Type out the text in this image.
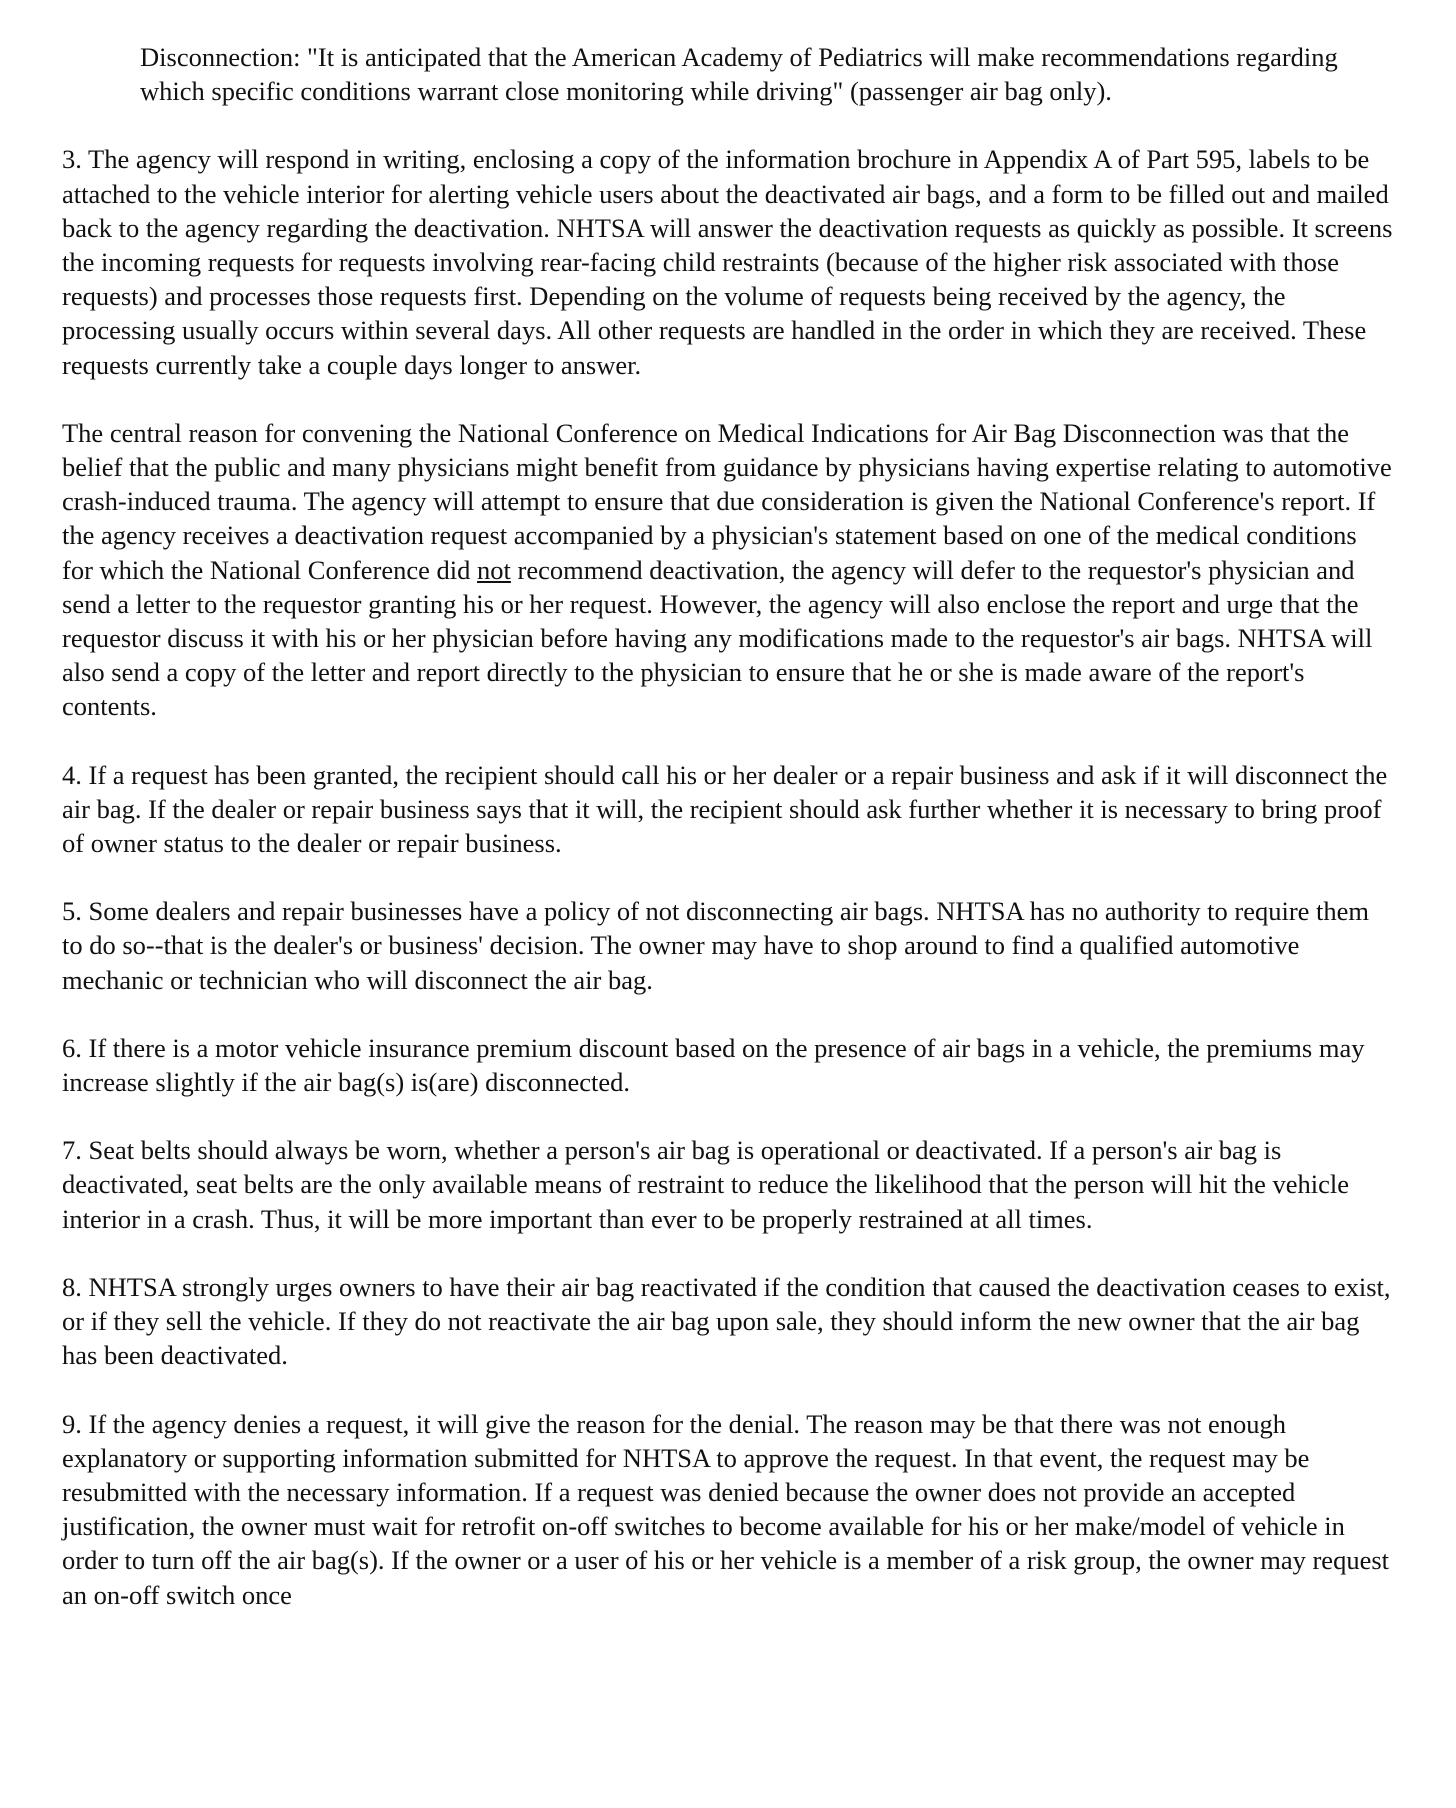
Disconnection: "It is anticipated that the American Academy of Pediatrics will make recommendations regarding which specific conditions warrant close monitoring while driving" (passenger air bag only).

3. The agency will respond in writing, enclosing a copy of the information brochure in Appendix A of Part 595, labels to be attached to the vehicle interior for alerting vehicle users about the deactivated air bags, and a form to be filled out and mailed back to the agency regarding the deactivation. NHTSA will answer the deactivation requests as quickly as possible. It screens the incoming requests for requests involving rear-facing child restraints (because of the higher risk associated with those requests) and processes those requests first. Depending on the volume of requests being received by the agency, the processing usually occurs within several days. All other requests are handled in the order in which they are received. These requests currently take a couple days longer to answer.

The central reason for convening the National Conference on Medical Indications for Air Bag Disconnection was that the belief that the public and many physicians might benefit from guidance by physicians having expertise relating to automotive crash-induced trauma. The agency will attempt to ensure that due consideration is given the National Conference's report. If the agency receives a deactivation request accompanied by a physician's statement based on one of the medical conditions for which the National Conference did not recommend deactivation, the agency will defer to the requestor's physician and send a letter to the requestor granting his or her request. However, the agency will also enclose the report and urge that the requestor discuss it with his or her physician before having any modifications made to the requestor's air bags. NHTSA will also send a copy of the letter and report directly to the physician to ensure that he or she is made aware of the report's contents.

4. If a request has been granted, the recipient should call his or her dealer or a repair business and ask if it will disconnect the air bag. If the dealer or repair business says that it will, the recipient should ask further whether it is necessary to bring proof of owner status to the dealer or repair business.

5. Some dealers and repair businesses have a policy of not disconnecting air bags. NHTSA has no authority to require them to do so--that is the dealer's or business' decision. The owner may have to shop around to find a qualified automotive mechanic or technician who will disconnect the air bag.

6. If there is a motor vehicle insurance premium discount based on the presence of air bags in a vehicle, the premiums may increase slightly if the air bag(s) is(are) disconnected.

7. Seat belts should always be worn, whether a person's air bag is operational or deactivated. If a person's air bag is deactivated, seat belts are the only available means of restraint to reduce the likelihood that the person will hit the vehicle interior in a crash. Thus, it will be more important than ever to be properly restrained at all times.

8. NHTSA strongly urges owners to have their air bag reactivated if the condition that caused the deactivation ceases to exist, or if they sell the vehicle. If they do not reactivate the air bag upon sale, they should inform the new owner that the air bag has been deactivated.

9. If the agency denies a request, it will give the reason for the denial. The reason may be that there was not enough explanatory or supporting information submitted for NHTSA to approve the request. In that event, the request may be resubmitted with the necessary information. If a request was denied because the owner does not provide an accepted justification, the owner must wait for retrofit on-off switches to become available for his or her make/model of vehicle in order to turn off the air bag(s). If the owner or a user of his or her vehicle is a member of a risk group, the owner may request an on-off switch once
